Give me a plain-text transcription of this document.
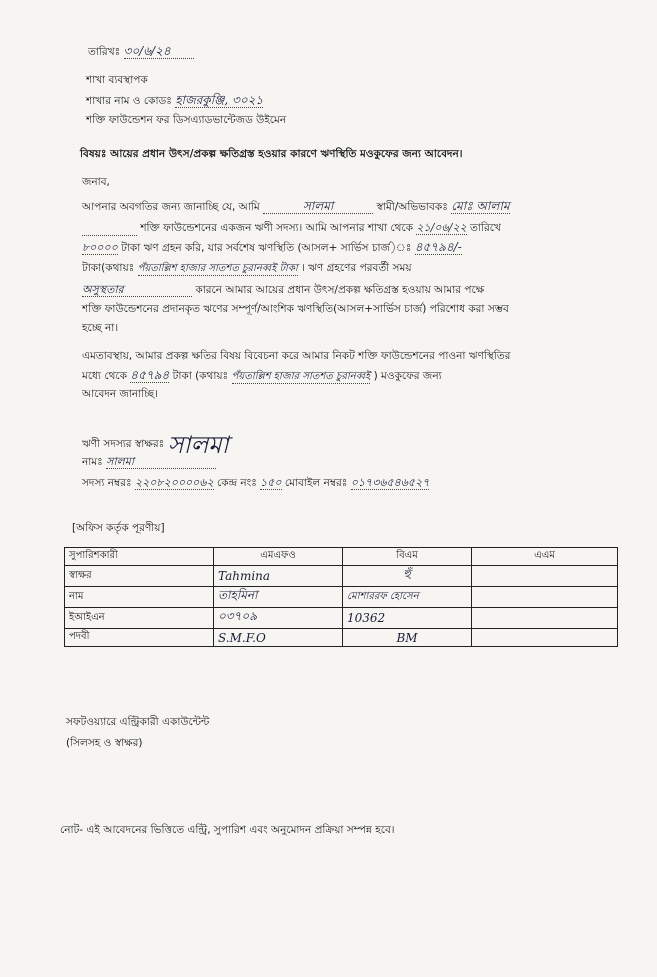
তারিখঃ ৩০/৬/২৪
শাখা ব্যবস্থাপক
শাখার নাম ও কোডঃ হাজরকুঞ্জি, ৩০২১
শক্তি ফাউন্ডেশন ফর ডিসএ্যাডভান্টেজড উইমেন
বিষয়ঃ আয়ের প্রধান উৎস/প্রকল্প ক্ষতিগ্রস্ত হওয়ার কারণে ঋণস্থিতি মওকুফের জন্য আবেদন।
জনাব,
আপনার অবগতির জন্য জানাচ্ছি যে, আমি	সালমা	স্বামী/অভিভাবকঃ মোঃ আলাম
শক্তি ফাউন্ডেশনের একজন ঋণী সদস্য। আমি আপনার শাখা থেকে ২১/০৬/২২ তারিখে
৮০০০০ টাকা ঋণ গ্রহন করি, যার সর্বশেষ ঋণস্থিতি (আসল+ সার্ভিস চার্জ)ঃ ৪৫৭৯৪/-
টাকা(কথায়ঃ পঁয়তাল্লিশ হাজার সাতশত চুরানব্বই টাকা । ঋণ গ্রহণের পরবর্তী সময়
অসুস্থতার	কারনে আমার আয়ের প্রধান উৎস/প্রকল্প ক্ষতিগ্রস্ত হওয়ায় আমার পক্ষে
শক্তি ফাউন্ডেশনের প্রদানকৃত ঋণের সম্পূর্ণ/আংশিক ঋণস্থিতি(আসল+সার্ভিস চার্জ) পরিশোধ করা সম্ভব
হচ্ছে না।
এমতাবস্থায়, আমার প্রকল্প ক্ষতির বিষয় বিবেচনা করে আমার নিকট শক্তি ফাউন্ডেশনের পাওনা ঋণস্থিতির
মধ্যে থেকে ৪৫৭৯৪ টাকা (কথায়ঃ পঁয়তাল্লিশ হাজার সাতশত চুরানব্বই ) মওকুফের জন্য
আবেদন জানাচ্ছি।
ঋণী সদস্যর স্বাক্ষরঃ সালমা
নামঃ সালমা
সদস্য নম্বরঃ ২২০৮২০০০০৬২ কেন্দ্র নংঃ ১৫০ মোবাইল নম্বরঃ ০১৭৩৬৫৪৬৫২৭
[অফিস কর্তৃক পূরণীয়]
সুপারিশকারী	এমএফও	বিএম	এএম
স্বাক্ষর	Tahmina	হুঁ	
নাম	তাহমিনা	মোশাররফ হোসেন	
ইআইএন	০৩৭০৯	10362	
পদবী	S.M.F.O	BM	
সফটওয়্যারে এন্ট্রিকারী একাউন্টেন্ট
(সিলসহ ও স্বাক্ষর)
নোট- এই আবেদনের ভিত্তিতে এন্ট্রি, সুপারিশ এবং অনুমোদন প্রক্রিয়া সম্পন্ন হবে।
